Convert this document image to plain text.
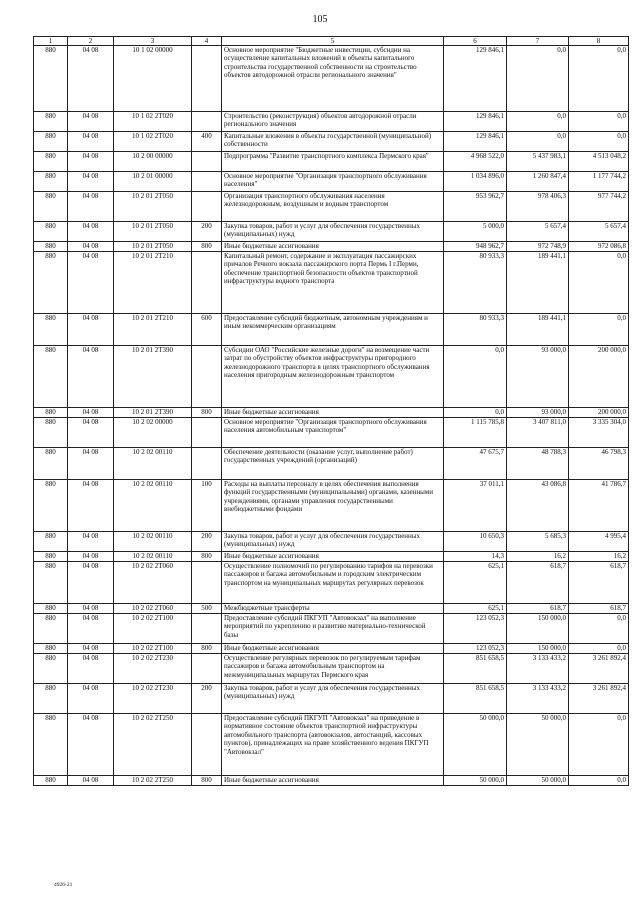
105
1	2	3	4	5	6	7	8
880	04 08	10 1 02 00000		Основное мероприятие "Бюджетные инвестиции, субсидии на осуществление капитальных вложений в объекты капитального строительства государственной собственности на строительство объектов автодорожной отрасли регионального значения"	129 846,1	0,0	0,0
880	04 08	10 1 02 2Т020		Строительство (реконструкция) объектов автодорожной отрасли регионального значения	129 846,1	0,0	0,0
880	04 08	10 1 02 2Т020	400	Капитальные вложения в объекты государственной (муниципальной) собственности	129 846,1	0,0	0,0
880	04 08	10 2 00 00000		Подпрограмма "Развитие транспортного комплекса Пермского края"	4 968 522,0	5 437 983,1	4 513 048,2
880	04 08	10 2 01 00000		Основное мероприятие "Организация транспортного обслуживания населения"	1 034 896,0	1 260 847,4	1 177 744,2
880	04 08	10 2 01 2Т050		Организация транспортного обслуживания населения железнодорожным, воздушным и водным транспортом	953 962,7	978 406,3	977 744,2
880	04 08	10 2 01 2Т050	200	Закупка товаров, работ и услуг для обеспечения государственных (муниципальных) нужд	5 000,0	5 657,4	5 657,4
880	04 08	10 2 01 2Т050	800	Иные бюджетные ассигнования	948 962,7	972 748,9	972 086,8
880	04 08	10 2 01 2Т210		Капитальный ремонт, содержание и эксплуатация пассажирских причалов Речного вокзала пассажирского порта Пермь I г.Перми, обеспечение транспортной безопасности объектов транспортной инфраструктуры водного транспорта	80 933,3	189 441,1	0,0
880	04 08	10 2 01 2Т210	600	Предоставление субсидий бюджетным, автономным учреждениям и иным некоммерческим организациям	80 933,3	189 441,1	0,0
880	04 08	10 2 01 2Т390		Субсидии ОАО "Российские железные дороги" на возмещение части затрат по обустройству объектов инфраструктуры пригородного железнодорожного транспорта в целях транспортного обслуживания населения пригородным железнодорожным транспортом	0,0	93 000,0	200 000,0
880	04 08	10 2 01 2Т390	800	Иные бюджетные ассигнования	0,0	93 000,0	200 000,0
880	04 08	10 2 02 00000		Основное мероприятие "Организация транспортного обслуживания населения автомобильным транспортом"	1 115 785,8	3 407 811,0	3 335 304,0
880	04 08	10 2 02 00110		Обеспечение деятельности (оказание услуг, выполнение работ) государственных учреждений (организаций)	47 675,7	48 788,3	46 798,3
880	04 08	10 2 02 00110	100	Расходы на выплаты персоналу в целях обеспечения выполнения функций государственными (муниципальными) органами, казенными учреждениями, органами управления государственными внебюджетными фондами	37 011,1	43 086,8	41 786,7
880	04 08	10 2 02 00110	200	Закупка товаров, работ и услуг для обеспечения государственных (муниципальных) нужд	10 650,3	5 685,3	4 995,4
880	04 08	10 2 02 00110	800	Иные бюджетные ассигнования	14,3	16,2	16,2
880	04 08	10 2 02 2Т060		Осуществление полномочий по регулированию тарифов на перевозки пассажиров и багажа автомобильным и городским электрическим транспортом на муниципальных маршрутах регулярных перевозок	625,1	618,7	618,7
880	04 08	10 2 02 2Т060	500	Межбюджетные трансферты	625,1	618,7	618,7
880	04 08	10 2 02 2Т100		Предоставление субсидий ПКГУП "Автовокзал" на выполнение мероприятий по укреплению и развитию материально-технической базы	123 052,3	150 000,0	0,0
880	04 08	10 2 02 2Т100	800	Иные бюджетные ассигнования	123 052,3	150 000,0	0,0
880	04 08	10 2 02 2Т230		Осуществление регулярных перевозок по регулируемым тарифам пассажиров и багажа автомобильным транспортом на межмуниципальных маршрутах Пермского края	851 658,5	3 133 433,2	3 261 892,4
880	04 08	10 2 02 2Т230	200	Закупка товаров, работ и услуг для обеспечения государственных (муниципальных) нужд	851 658,5	3 133 433,2	3 261 892,4
880	04 08	10 2 02 2Т250		Предоставление субсидий ПКГУП "Автовокзал" на приведение в нормативное состояние объектов транспортной инфраструктуры автомобильного транспорта (автовокзалов, автостанций, кассовых пунктов), принадлежащих на праве хозяйственного ведения ПКГУП "Автовокзал"	50 000,0	50 000,0	0,0
880	04 08	10 2 02 2Т250	800	Иные бюджетные ассигнования	50 000,0	50 000,0	0,0
4926-21
